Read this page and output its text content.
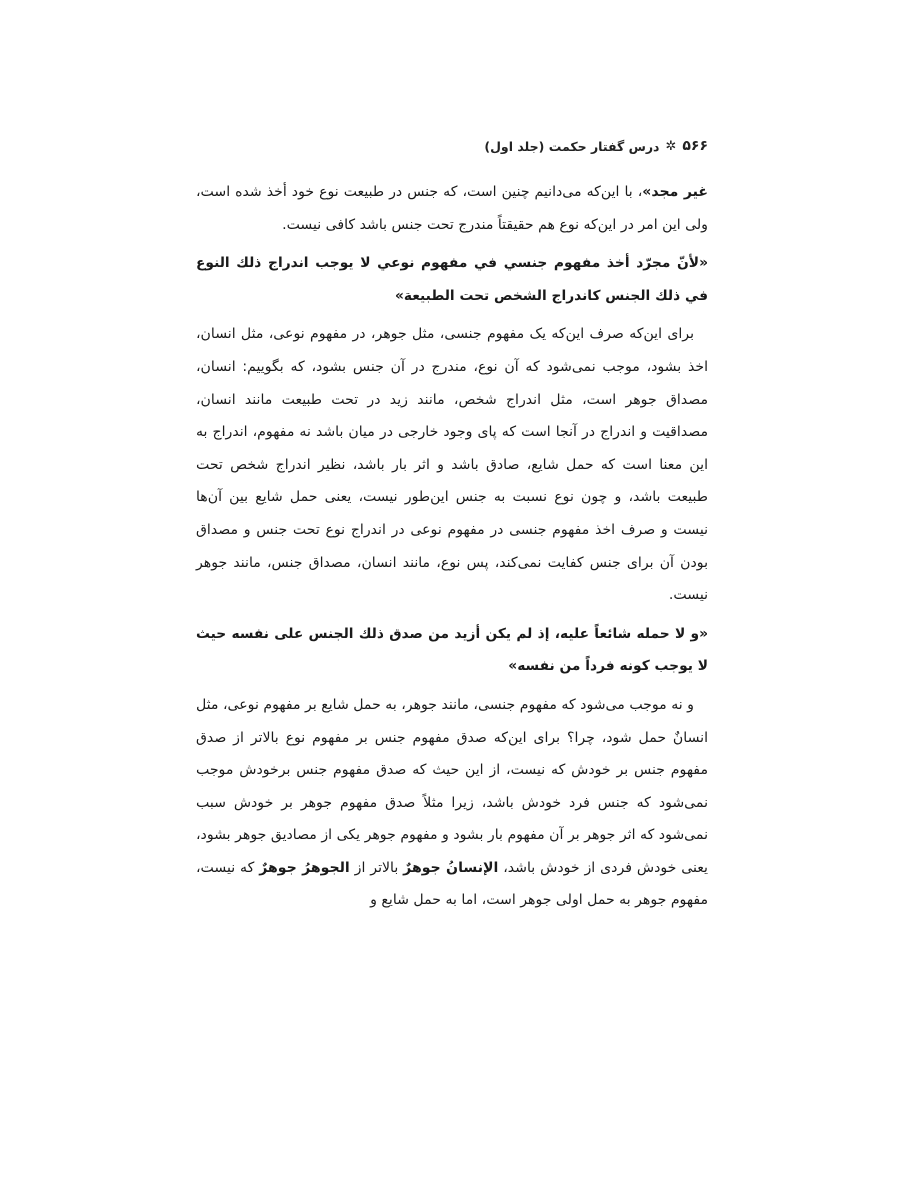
۵۶۶
✲
درس گفتار حکمت (جلد اول)

غیر مجد»، با این‌که می‌دانیم چنین است، که جنس در طبیعت نوع خود أخذ شده است، ولی این امر در این‌که نوع هم حقیقتاً مندرج تحت جنس باشد کافی نیست.

«لأنّ مجرّد أخذ مفهوم جنسي في مفهوم نوعي لا يوجب اندراج ذلك النوع في ذلك الجنس كاندراج الشخص تحت الطبيعة»

برای این‌که صرف این‌که یک مفهوم جنسی، مثل جوهر، در مفهوم نوعی، مثل انسان، اخذ بشود، موجب نمی‌شود که آن نوع، مندرج در آن جنس بشود، که بگوییم: انسان، مصداق جوهر است، مثل اندراج شخص، مانند زید در تحت طبیعت مانند انسان، مصداقیت و اندراج در آنجا است که پای وجود خارجی در میان باشد نه مفهوم، اندراج به این معنا است که حمل شایع، صادق باشد و اثر بار باشد، نظیر اندراج شخص تحت طبیعت باشد، و چون نوع نسبت به جنس این‌طور نیست، یعنی حمل شایع بین آن‌ها نیست و صرف اخذ مفهوم جنسی در مفهوم نوعی در اندراج نوع تحت جنس و مصداق بودن آن برای جنس کفایت نمی‌کند، پس نوع، مانند انسان، مصداق جنس، مانند جوهر نیست.

«و لا حمله شائعاً عليه، إذ لم يكن أزيد من صدق ذلك الجنس على نفسه حيث لا يوجب كونه فرداً من نفسه»

و نه موجب می‌شود که مفهوم جنسی، مانند جوهر، به حمل شایع بر مفهوم نوعی، مثل انسانٌ حمل شود، چرا؟ برای این‌که صدق مفهوم جنس بر مفهوم نوع بالاتر از صدق مفهوم جنس بر خودش که نیست، از این حیث که صدق مفهوم جنس برخودش موجب نمی‌شود که جنس فرد خودش باشد، زیرا مثلاً صدق مفهوم جوهر بر خودش سبب نمی‌شود که اثر جوهر بر آن مفهوم بار بشود و مفهوم جوهر یکی از مصادیق جوهر بشود، یعنی خودش فردی از خودش باشد، الإنسانُ جوهرٌ بالاتر از الجوهرُ جوهرٌ که نیست، مفهوم جوهر به حمل اولی جوهر است، اما به حمل شایع و
